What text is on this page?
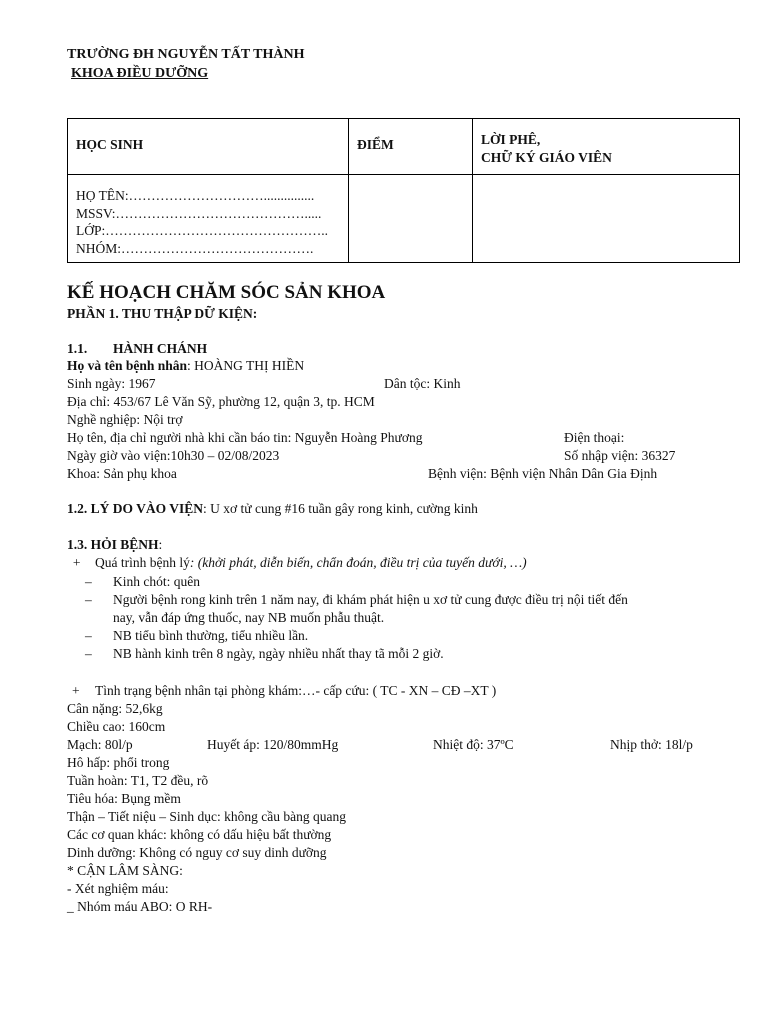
TRƯỜNG ĐH NGUYỄN TẤT THÀNH
KHOA ĐIỀU DƯỠNG
HỌC SINH	ĐIỂM	LỜI PHÊ,
CHỮ KÝ GIÁO VIÊN

HỌ TÊN:…………………………...............
MSSV:…………………………………….....
LỚP:…………………………………………..
NHÓM:…………………………………….		

KẾ HOẠCH CHĂM SÓC SẢN KHOA
PHẦN 1. THU THẬP DỮ KIỆN:
1.1. HÀNH CHÁNH
Họ và tên bệnh nhân: HOÀNG THỊ HIỀN
Sinh ngày: 1967	Dân tộc: Kinh
Địa chỉ: 453/67 Lê Văn Sỹ, phường 12, quận 3, tp. HCM
Nghề nghiệp: Nội trợ
Họ tên, địa chỉ người nhà khi cần báo tin: Nguyễn Hoàng Phương	Điện thoại:
Ngày giờ vào viện:10h30 – 02/08/2023	Số nhập viện: 36327
Khoa: Sản phụ khoa	Bệnh viện: Bệnh viện Nhân Dân Gia Định
1.2. LÝ DO VÀO VIỆN: U xơ tử cung #16 tuần gây rong kinh, cường kinh
1.3. HỎI BỆNH:
+ Quá trình bệnh lý: (khởi phát, diễn biến, chẩn đoán, điều trị của tuyến dưới, …)
– Kinh chót: quên
– Người bệnh rong kinh trên 1 năm nay, đi khám phát hiện u xơ tử cung được điều trị nội tiết đến
nay, vẫn đáp ứng thuốc, nay NB muốn phẫu thuật.
– NB tiểu bình thường, tiểu nhiều lần.
– NB hành kinh trên 8 ngày, ngày nhiều nhất thay tã mỗi 2 giờ.
+ Tình trạng bệnh nhân tại phòng khám:…- cấp cứu: ( TC - XN – CĐ –XT )
Cân nặng: 52,6kg
Chiều cao: 160cm
Mạch: 80l/p	Huyết áp: 120/80mmHg	Nhiệt độ: 37ºC	Nhịp thở: 18l/p
Hô hấp: phổi trong
Tuần hoàn: T1, T2 đều, rõ
Tiêu hóa: Bụng mềm
Thận – Tiết niệu – Sinh dục: không cầu bàng quang
Các cơ quan khác: không có dấu hiệu bất thường
Dinh dưỡng: Không có nguy cơ suy dinh dưỡng
* CẬN LÂM SÀNG:
- Xét nghiệm máu:
_ Nhóm máu ABO: O RH-
